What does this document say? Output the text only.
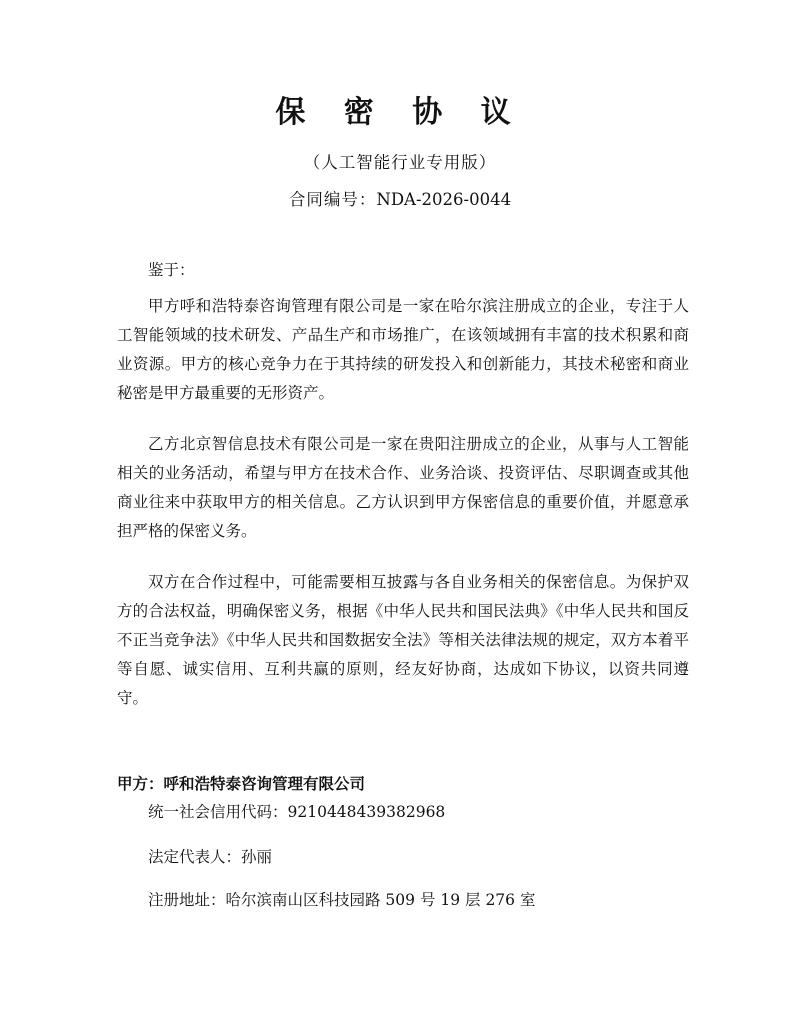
保 密 协 议
（人工智能行业专用版）
合同编号：NDA-2026-0044
鉴于：

甲方呼和浩特泰咨询管理有限公司是一家在哈尔滨注册成立的企业，专注于人工智能领域的技术研发、产品生产和市场推广，在该领域拥有丰富的技术积累和商业资源。甲方的核心竞争力在于其持续的研发投入和创新能力，其技术秘密和商业秘密是甲方最重要的无形资产。

乙方北京智信息技术有限公司是一家在贵阳注册成立的企业，从事与人工智能相关的业务活动，希望与甲方在技术合作、业务洽谈、投资评估、尽职调查或其他商业往来中获取甲方的相关信息。乙方认识到甲方保密信息的重要价值，并愿意承担严格的保密义务。

双方在合作过程中，可能需要相互披露与各自业务相关的保密信息。为保护双方的合法权益，明确保密义务，根据《中华人民共和国民法典》《中华人民共和国反不正当竞争法》《中华人民共和国数据安全法》等相关法律法规的规定，双方本着平等自愿、诚实信用、互利共赢的原则，经友好协商，达成如下协议，以资共同遵守。

甲方：呼和浩特泰咨询管理有限公司
统一社会信用代码：9210448439382968
法定代表人：孙丽
注册地址：哈尔滨南山区科技园路 509 号 19 层 276 室
